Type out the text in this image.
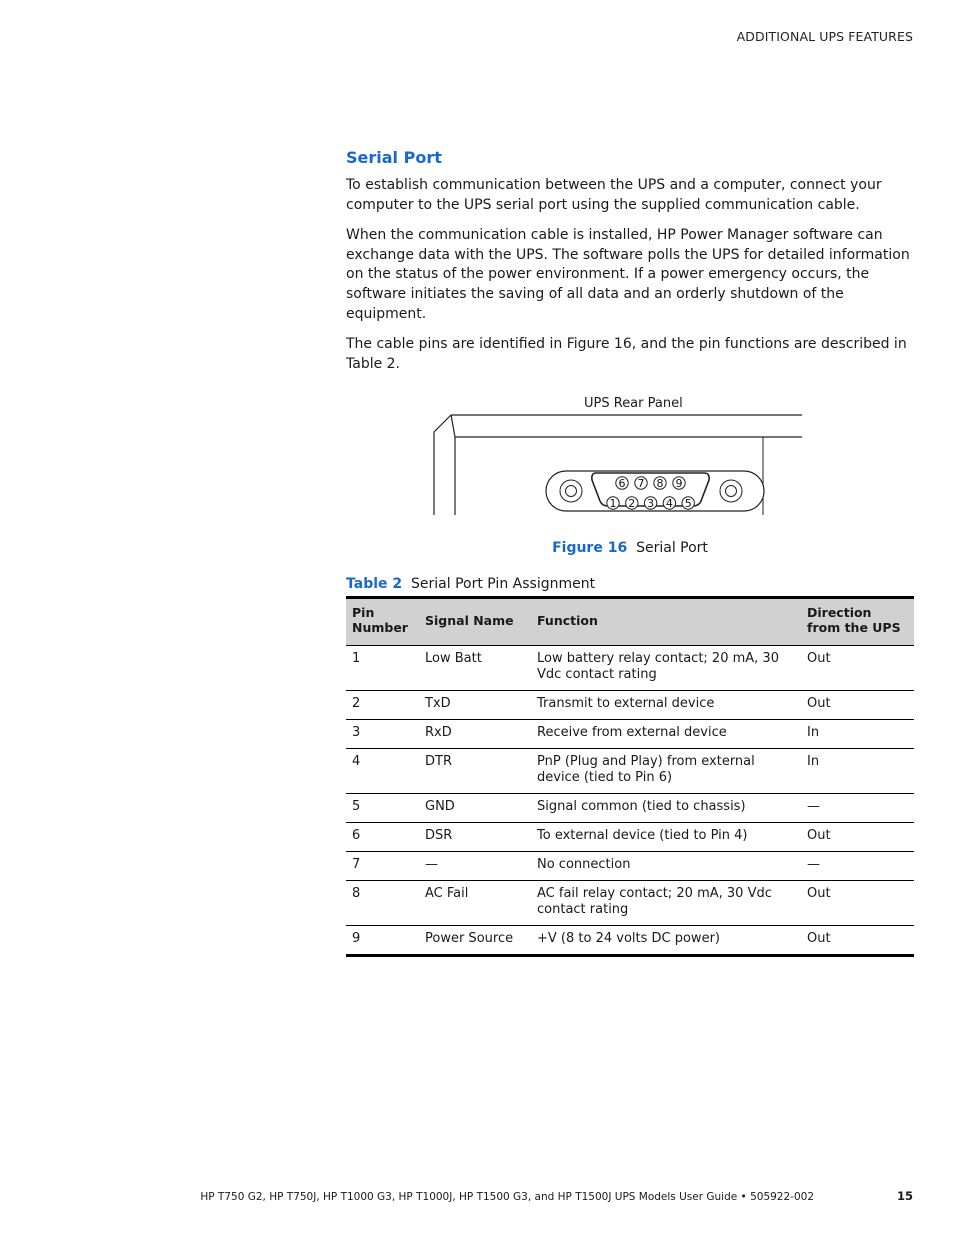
ADDITIONAL UPS FEATURES
Serial Port

To establish communication between the UPS and a computer, connect your computer to the UPS serial port using the supplied communication cable.

When the communication cable is installed, HP Power Manager software can exchange data with the UPS. The software polls the UPS for detailed information on the status of the power environment. If a power emergency occurs, the software initiates the saving of all data and an orderly shutdown of the equipment.

The cable pins are identified in Figure 16, and the pin functions are described in Table 2.

UPS Rear Panel
6 7 8 9
1 2 3 4 5
Figure 16 Serial Port
Table 2 Serial Port Pin Assignment
Pin Number	Signal Name	Function	Direction from the UPS
1	Low Batt	Low battery relay contact; 20 mA, 30 Vdc contact rating	Out
2	TxD	Transmit to external device	Out
3	RxD	Receive from external device	In
4	DTR	PnP (Plug and Play) from external device (tied to Pin 6)	In
5	GND	Signal common (tied to chassis)	—
6	DSR	To external device (tied to Pin 4)	Out
7	—	No connection	—
8	AC Fail	AC fail relay contact; 20 mA, 30 Vdc contact rating	Out
9	Power Source	+V (8 to 24 volts DC power)	Out
HP T750 G2, HP T750J, HP T1000 G3, HP T1000J, HP T1500 G3, and HP T1500J UPS Models User Guide • 505922-002	15
